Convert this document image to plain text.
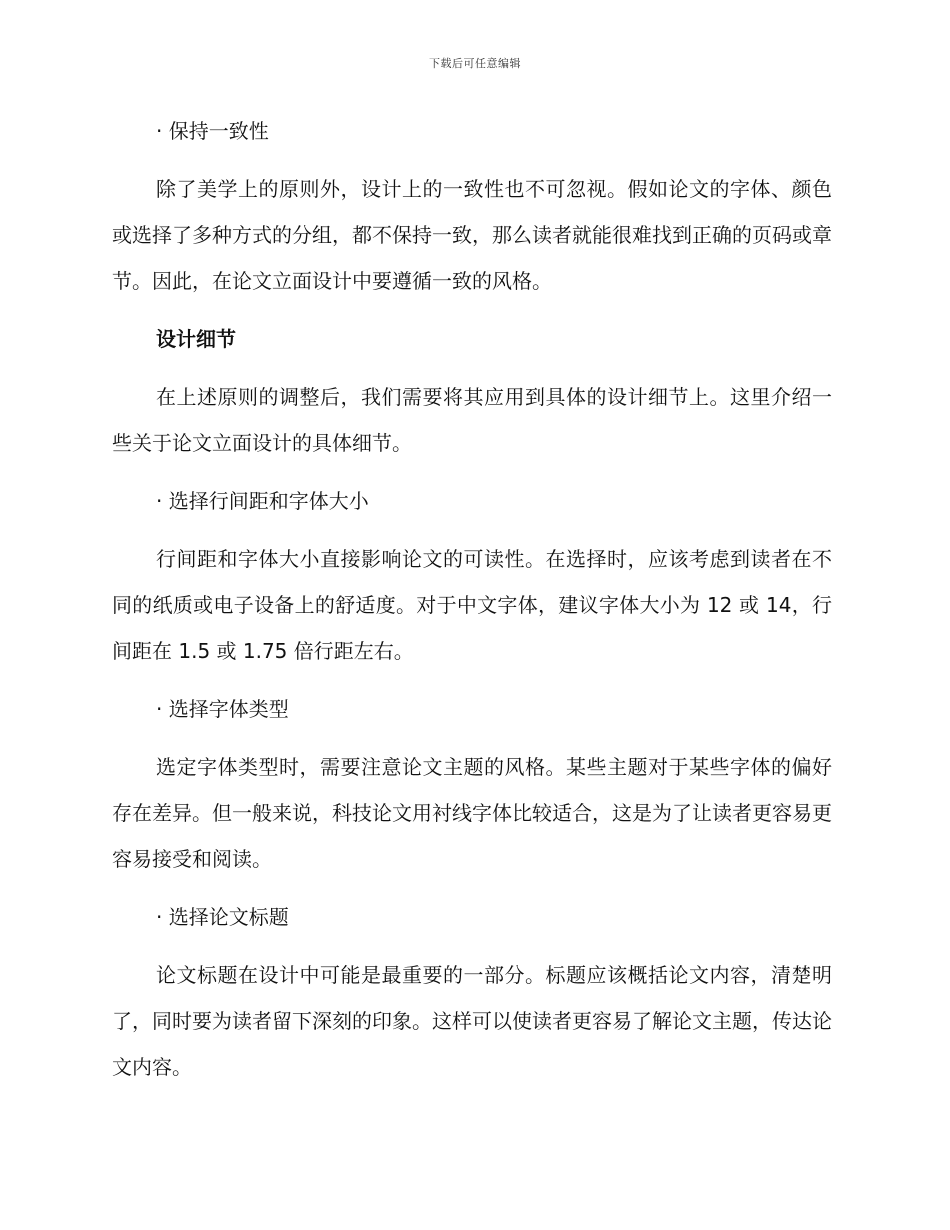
下载后可任意编辑

· 保持一致性

除了美学上的原则外，设计上的一致性也不可忽视。假如论文的字体、颜色或选择了多种方式的分组，都不保持一致，那么读者就能很难找到正确的页码或章节。因此，在论文立面设计中要遵循一致的风格。

设计细节

在上述原则的调整后，我们需要将其应用到具体的设计细节上。这里介绍一些关于论文立面设计的具体细节。

· 选择行间距和字体大小

行间距和字体大小直接影响论文的可读性。在选择时，应该考虑到读者在不同的纸质或电子设备上的舒适度。对于中文字体，建议字体大小为 12 或 14，行间距在 1.5 或 1.75 倍行距左右。

· 选择字体类型

选定字体类型时，需要注意论文主题的风格。某些主题对于某些字体的偏好存在差异。但一般来说，科技论文用衬线字体比较适合，这是为了让读者更容易更容易接受和阅读。

· 选择论文标题

论文标题在设计中可能是最重要的一部分。标题应该概括论文内容，清楚明了，同时要为读者留下深刻的印象。这样可以使读者更容易了解论文主题，传达论文内容。
